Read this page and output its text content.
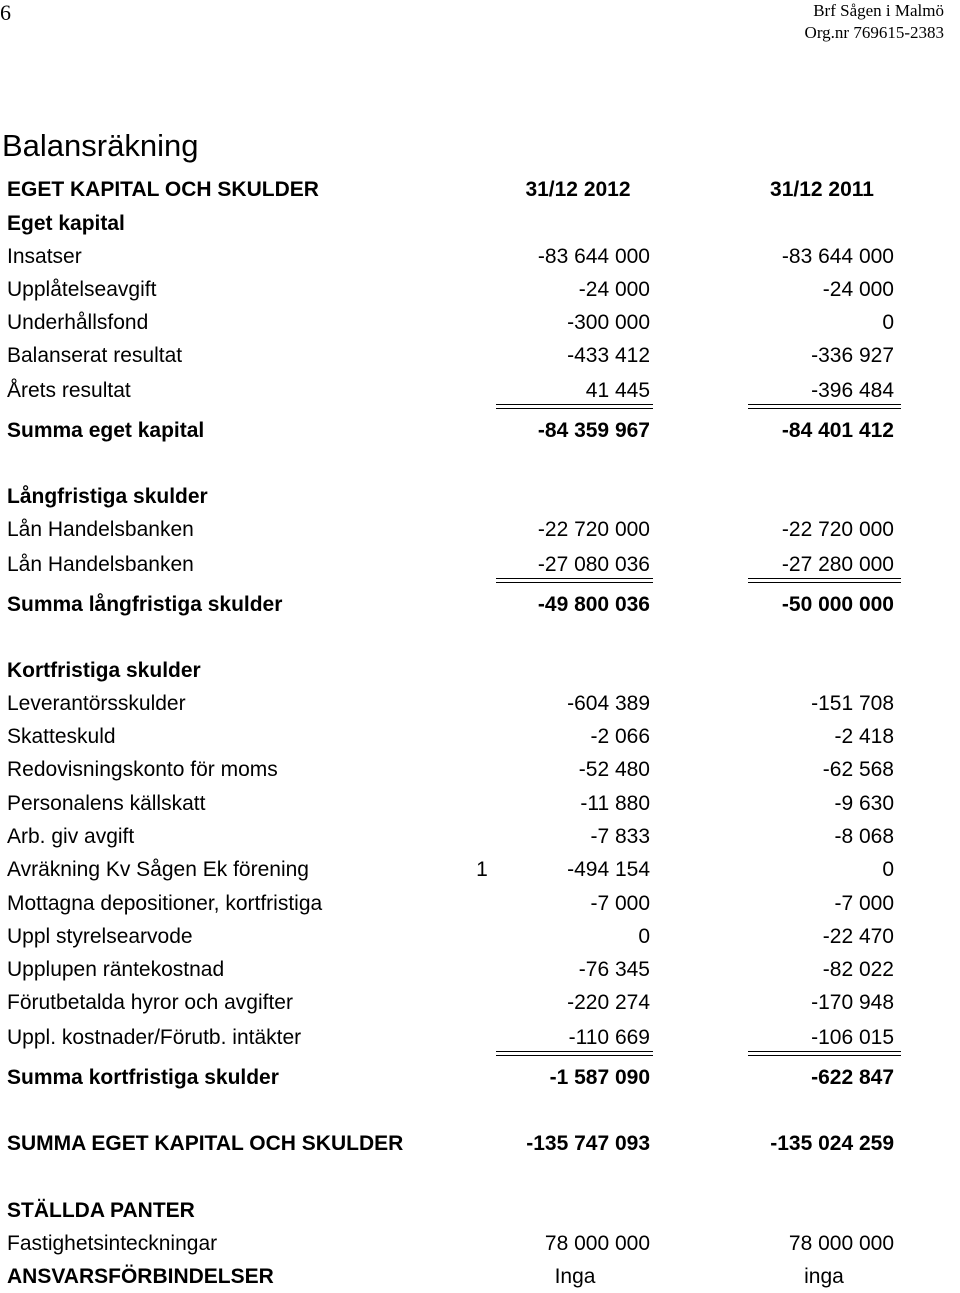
6	Brf Sågen i Malmö
Org.nr 769615-2383
Balansräkning
EGET KAPITAL OCH SKULDER	31/12 2012	31/12 2011
Eget kapital
Insatser	-83 644 000	-83 644 000
Upplåtelseavgift	-24 000	-24 000
Underhållsfond	-300 000	0
Balanserat resultat	-433 412	-336 927
Årets resultat	41 445	-396 484
Summa eget kapital	-84 359 967	-84 401 412
Långfristiga skulder
Lån Handelsbanken	-22 720 000	-22 720 000
Lån Handelsbanken	-27 080 036	-27 280 000
Summa långfristiga skulder	-49 800 036	-50 000 000
Kortfristiga skulder
Leverantörsskulder	-604 389	-151 708
Skatteskuld	-2 066	-2 418
Redovisningskonto för moms	-52 480	-62 568
Personalens källskatt	-11 880	-9 630
Arb. giv avgift	-7 833	-8 068
Avräkning Kv Sågen Ek förening	1	-494 154	0
Mottagna depositioner, kortfristiga	-7 000	-7 000
Uppl styrelsearvode	0	-22 470
Upplupen räntekostnad	-76 345	-82 022
Förutbetalda hyror och avgifter	-220 274	-170 948
Uppl. kostnader/Förutb. intäkter	-110 669	-106 015
Summa kortfristiga skulder	-1 587 090	-622 847
SUMMA EGET KAPITAL OCH SKULDER	-135 747 093	-135 024 259
STÄLLDA PANTER
Fastighetsinteckningar	78 000 000	78 000 000
ANSVARSFÖRBINDELSER	Inga	inga
